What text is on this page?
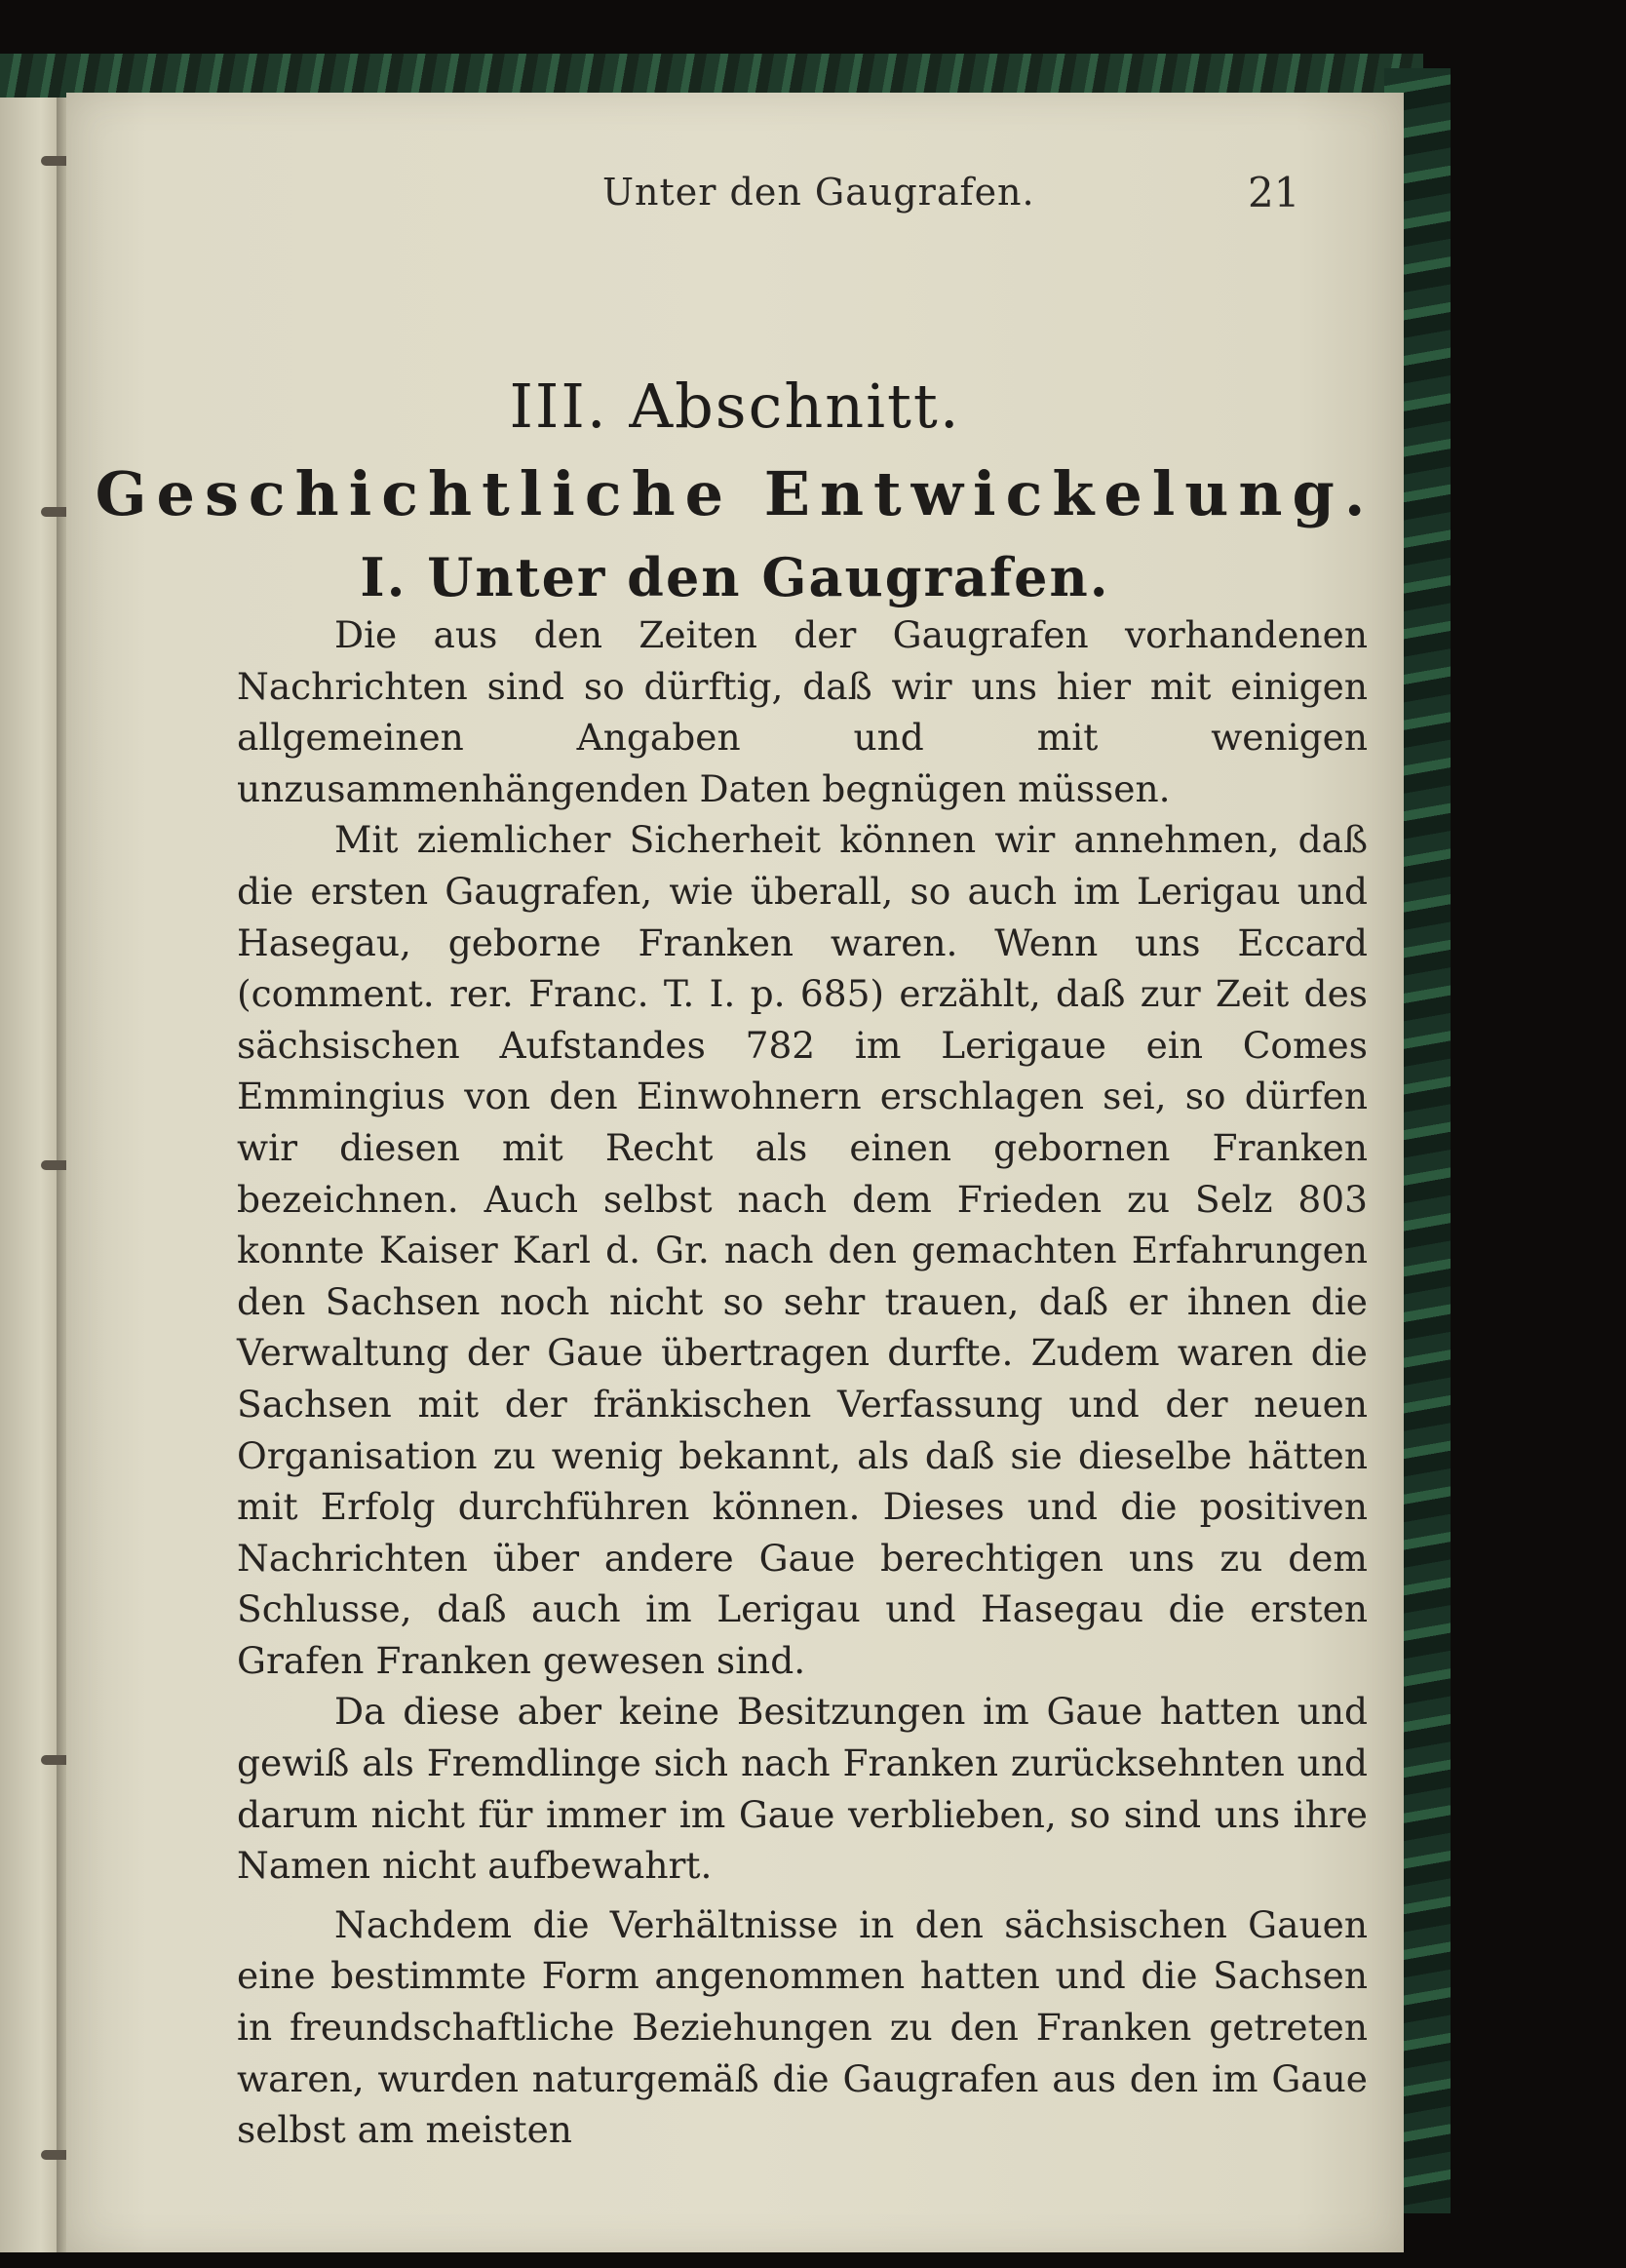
Unter den Gaugrafen.	21
III. Abschnitt.
Geschichtliche Entwickelung.
I. Unter den Gaugrafen.

Die aus den Zeiten der Gaugrafen vorhandenen Nachrichten sind so dürftig, daß wir uns hier mit einigen allgemeinen Angaben und mit wenigen unzusammenhängenden Daten begnügen müssen.

Mit ziemlicher Sicherheit können wir annehmen, daß die ersten Gaugrafen, wie überall, so auch im Lerigau und Hasegau, geborne Franken waren. Wenn uns Eccard (comment. rer. Franc. T. I. p. 685) erzählt, daß zur Zeit des sächsischen Aufstandes 782 im Lerigaue ein Comes Emmingius von den Einwohnern erschlagen sei, so dürfen wir diesen mit Recht als einen gebornen Franken bezeichnen. Auch selbst nach dem Frieden zu Selz 803 konnte Kaiser Karl d. Gr. nach den gemachten Erfahrungen den Sachsen noch nicht so sehr trauen, daß er ihnen die Verwaltung der Gaue übertragen durfte. Zudem waren die Sachsen mit der fränkischen Verfassung und der neuen Organisation zu wenig bekannt, als daß sie dieselbe hätten mit Erfolg durchführen können. Dieses und die positiven Nachrichten über andere Gaue berechtigen uns zu dem Schlusse, daß auch im Lerigau und Hasegau die ersten Grafen Franken gewesen sind.

Da diese aber keine Besitzungen im Gaue hatten und gewiß als Fremdlinge sich nach Franken zurücksehnten und darum nicht für immer im Gaue verblieben, so sind uns ihre Namen nicht aufbewahrt.

Nachdem die Verhältnisse in den sächsischen Gauen eine bestimmte Form angenommen hatten und die Sachsen in freundschaftliche Beziehungen zu den Franken getreten waren, wurden naturgemäß die Gaugrafen aus den im Gaue selbst am meisten
